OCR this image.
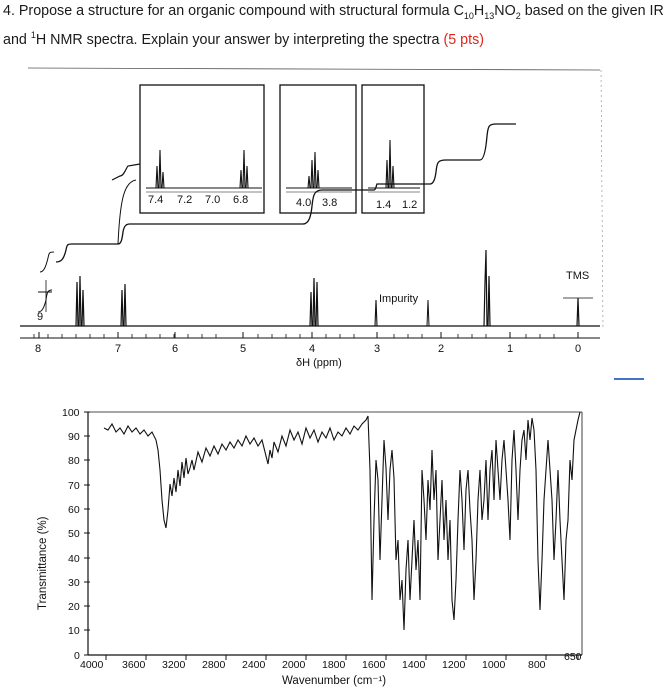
4. Propose a structure for an organic compound with structural formula $C_{10}H_{13}NO_2$ based on the given IR and $^1$H NMR spectra. Explain your answer by interpreting the spectra (5 pts)
7.4 7.2 7.0 6.8	4.0 3.8	1.4 1.2
9
Impurity
TMS
8	7	6	5	4	3	2	1	0
δH (ppm)
100
90
80
70
60
50
40
30
20
10
0
4000 3600 3200 2800 2400 2000 1800 1600 1400 1200 1000 800
650
Wavenumber (cm⁻¹)
Transmittance (%)
